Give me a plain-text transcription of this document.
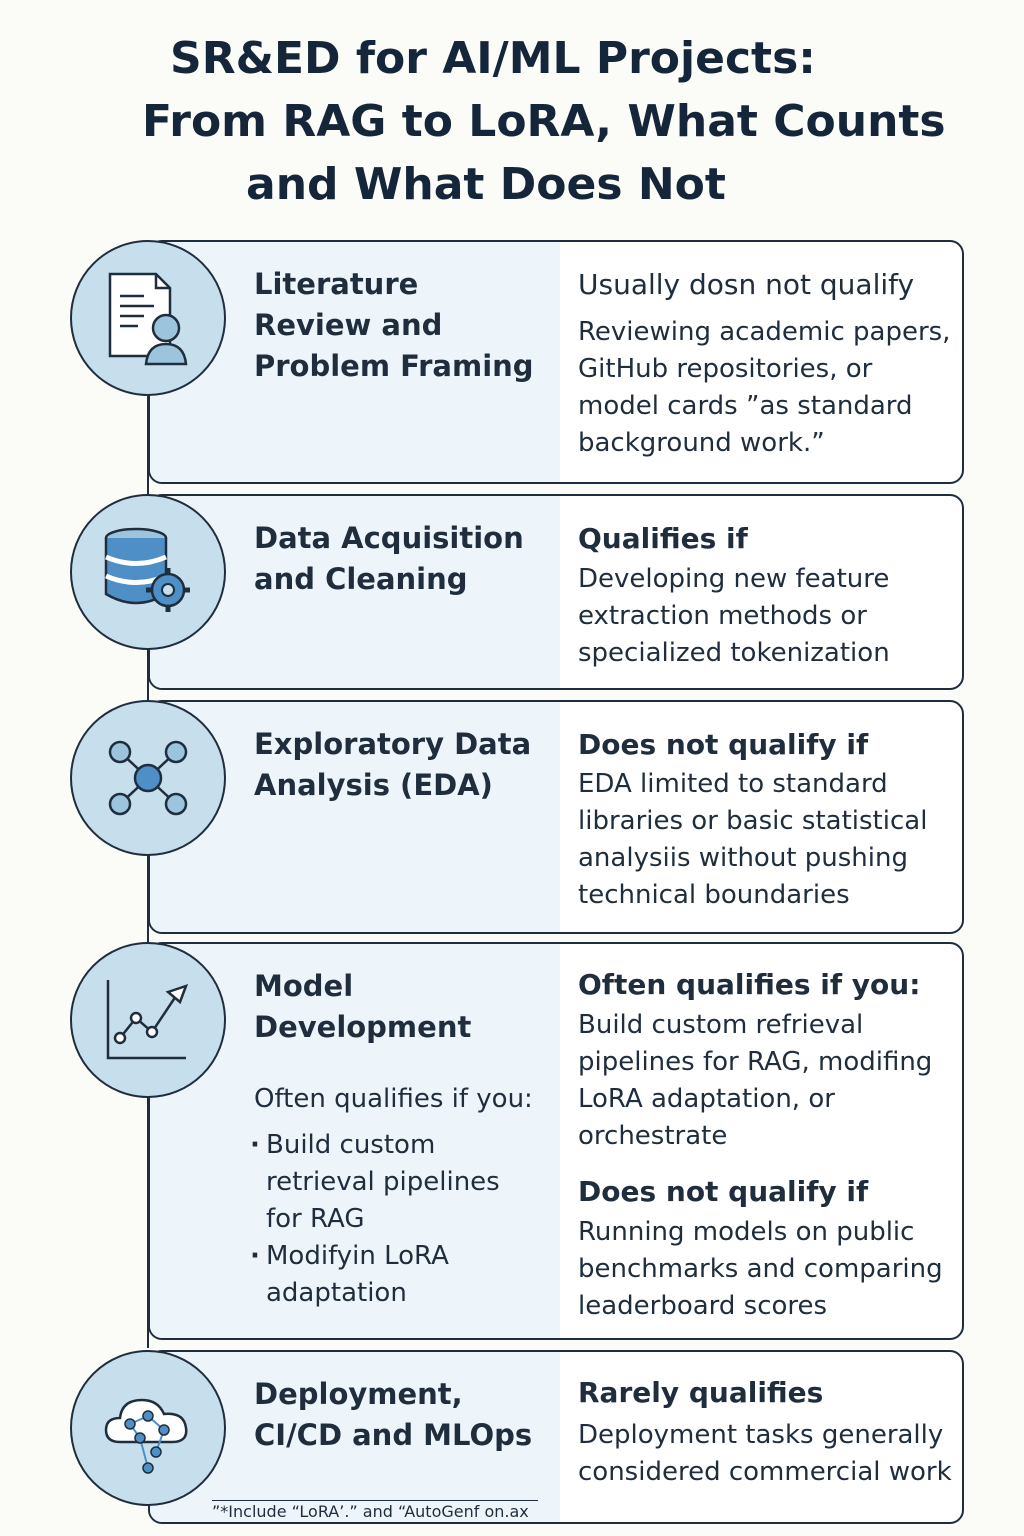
SR&ED for AI/ML Projects:
From RAG to LoRA, What Counts
and What Does Not
Literature Review and Problem Framing
Usually dosn not qualify
Reviewing academic papers, GitHub repositories, or model cards ”as standard background work.”
Data Acquisition and Cleaning
Qualifies if
Developing new feature extraction methods or specialized tokenization
Exploratory Data Analysis (EDA)
Does not qualify if
EDA limited to standard libraries or basic statistical analysiis without pushing technical boundaries
Model Development
Often qualifies if you:
· Build custom retrieval pipelines for RAG
· Modifyin LoRA adaptation
Often qualifies if you:
Build custom refrieval pipelines for RAG, modifing LoRA adaptation, or orchestrate
Does not qualify if
Running models on public benchmarks and comparing leaderboard scores
Deployment, CI/CD and MLOps
Rarely qualifies
Deployment tasks generally considered commercial work
”*Include “LoRA’.” and “AutoGenf on.ax
